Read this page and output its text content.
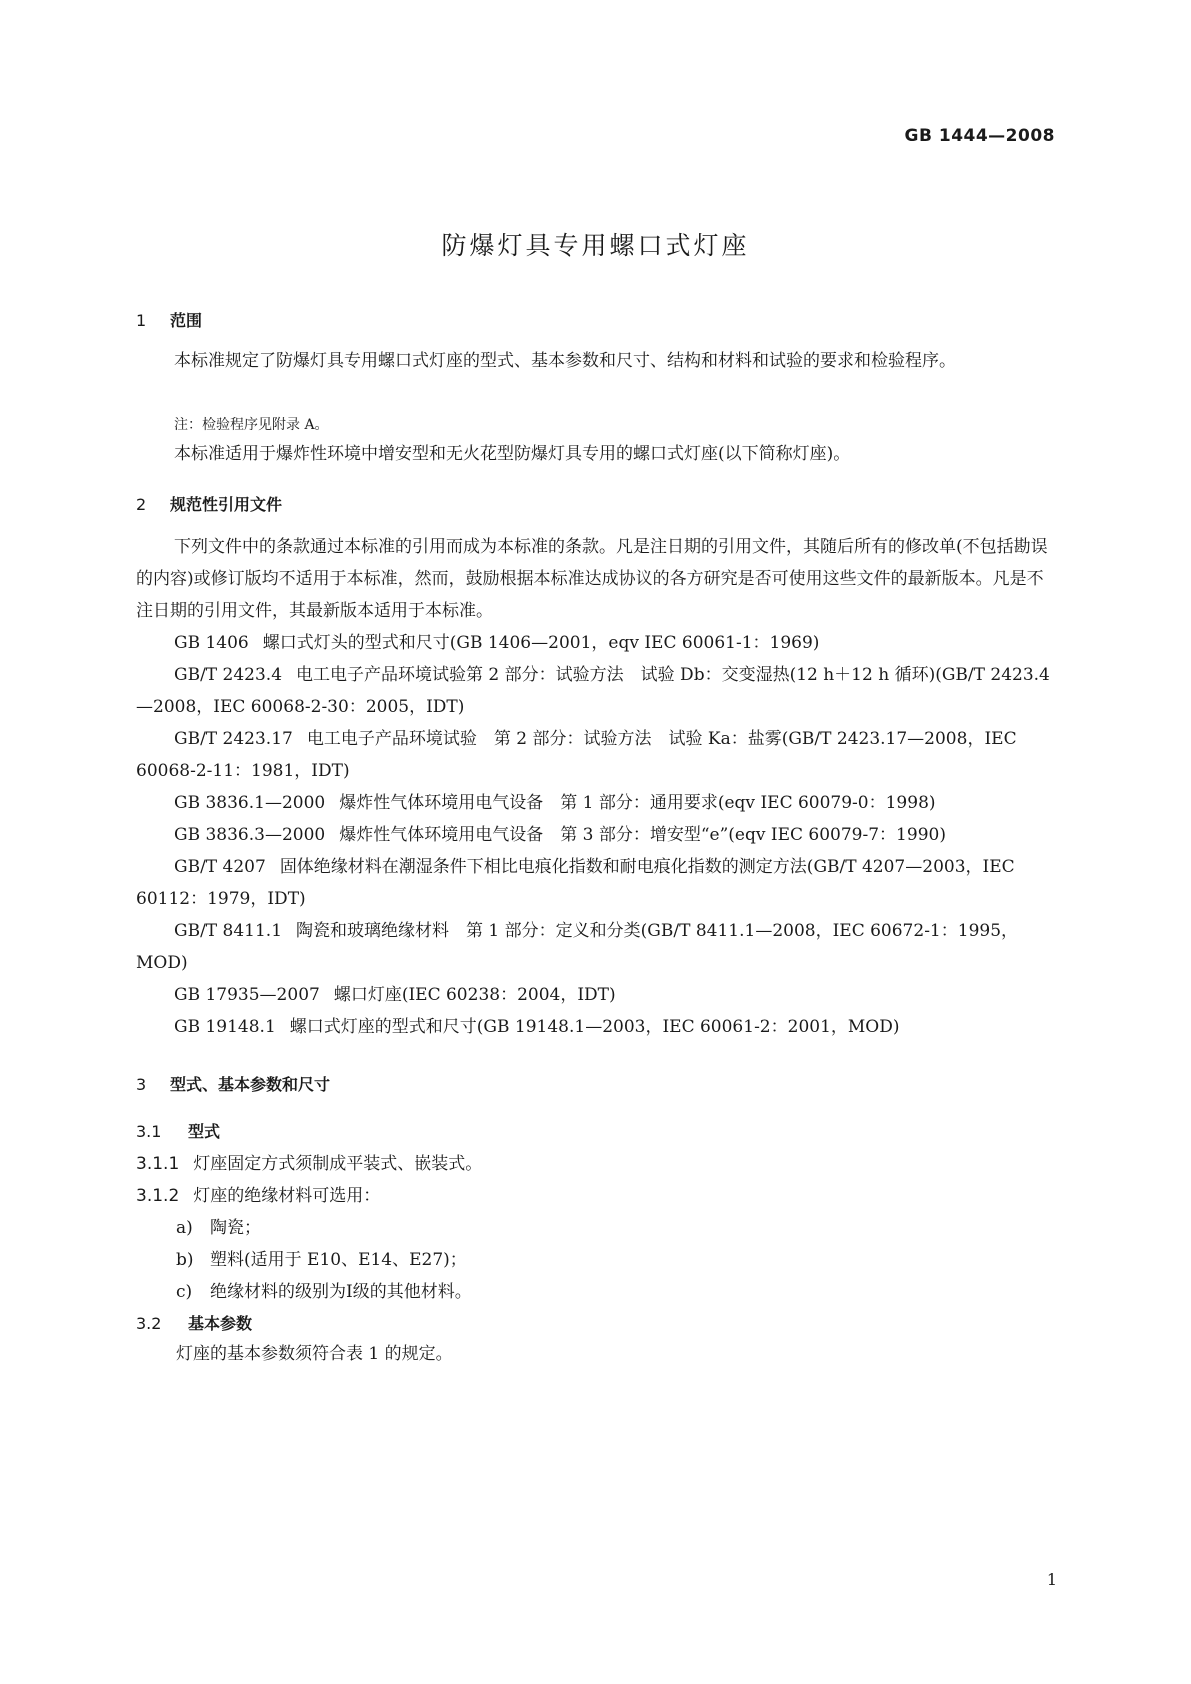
GB 1444—2008
防爆灯具专用螺口式灯座
1 范围
本标准规定了防爆灯具专用螺口式灯座的型式、基本参数和尺寸、结构和材料和试验的要求和检验程序。
注：检验程序见附录 A。
本标准适用于爆炸性环境中增安型和无火花型防爆灯具专用的螺口式灯座(以下简称灯座)。
2 规范性引用文件
下列文件中的条款通过本标准的引用而成为本标准的条款。凡是注日期的引用文件，其随后所有的修改单(不包括勘误的内容)或修订版均不适用于本标准，然而，鼓励根据本标准达成协议的各方研究是否可使用这些文件的最新版本。凡是不注日期的引用文件，其最新版本适用于本标准。
GB 1406 螺口式灯头的型式和尺寸(GB 1406—2001，eqv IEC 60061-1：1969)
GB/T 2423.4 电工电子产品环境试验第 2 部分：试验方法　试验 Db：交变湿热(12 h＋12 h 循环)(GB/T 2423.4—2008，IEC 60068-2-30：2005，IDT)
GB/T 2423.17 电工电子产品环境试验　第 2 部分：试验方法　试验 Ka：盐雾(GB/T 2423.17—2008，IEC 60068-2-11：1981，IDT)
GB 3836.1—2000 爆炸性气体环境用电气设备　第 1 部分：通用要求(eqv IEC 60079-0：1998)
GB 3836.3—2000 爆炸性气体环境用电气设备　第 3 部分：增安型“e”(eqv IEC 60079-7：1990)
GB/T 4207 固体绝缘材料在潮湿条件下相比电痕化指数和耐电痕化指数的测定方法(GB/T 4207—2003，IEC 60112：1979，IDT)
GB/T 8411.1 陶瓷和玻璃绝缘材料　第 1 部分：定义和分类(GB/T 8411.1—2008，IEC 60672-1：1995，MOD)
GB 17935—2007 螺口灯座(IEC 60238：2004，IDT)
GB 19148.1 螺口式灯座的型式和尺寸(GB 19148.1—2003，IEC 60061-2：2001，MOD)
3 型式、基本参数和尺寸
3.1 型式
3.1.1 灯座固定方式须制成平装式、嵌装式。
3.1.2 灯座的绝缘材料可选用：
a) 陶瓷；
b) 塑料(适用于 E10、E14、E27)；
c) 绝缘材料的级别为Ⅰ级的其他材料。
3.2 基本参数
灯座的基本参数须符合表 1 的规定。
1
